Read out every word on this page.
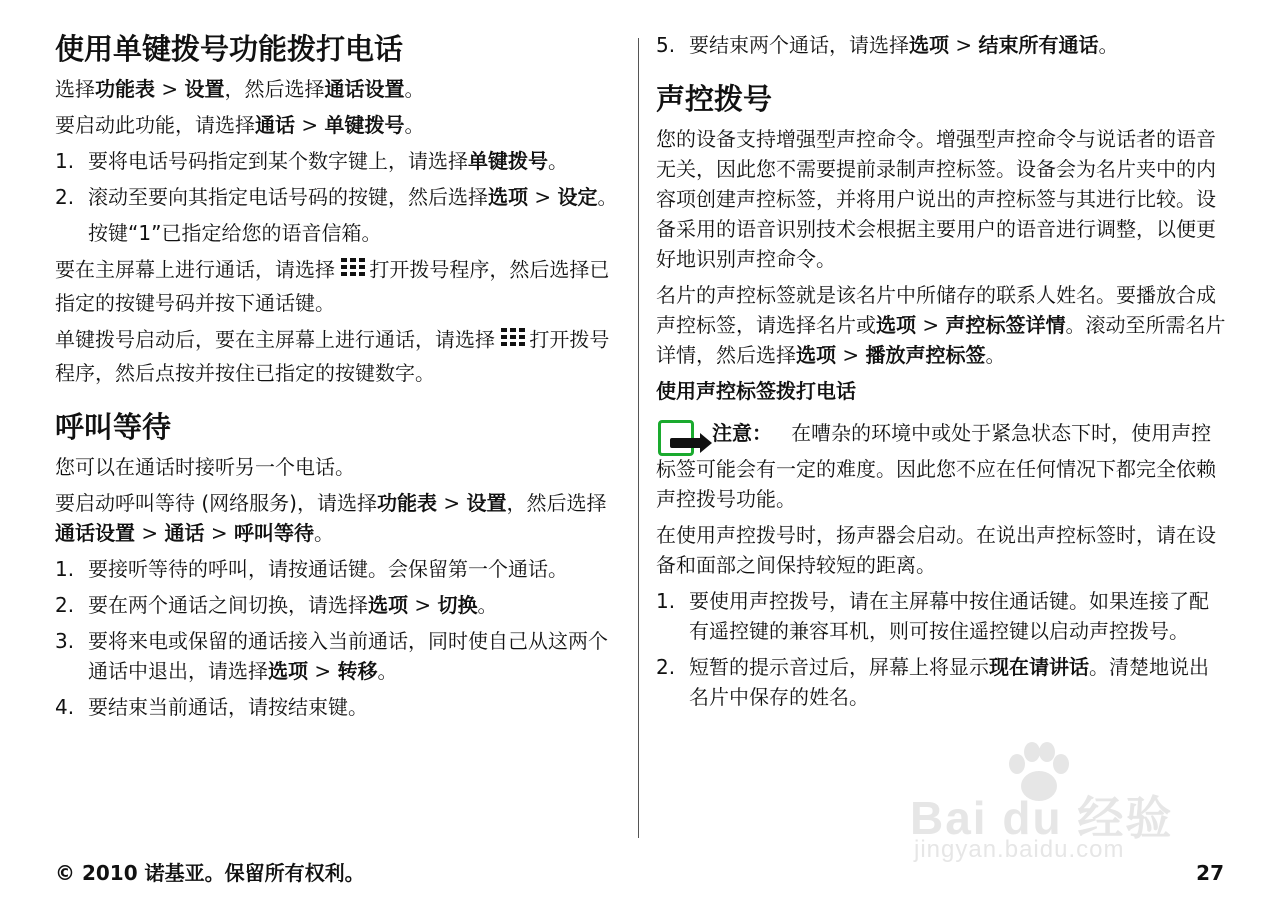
使用单键拨号功能拨打电话

选择功能表 > 设置，然后选择通话设置。

要启动此功能，请选择通话 > 单键拨号。

1. 要将电话号码指定到某个数字键上，请选择单键拨号。
2. 滚动至要向其指定电话号码的按键，然后选择选项 > 设定。

按键“1”已指定给您的语音信箱。

要在主屏幕上进行通话，请选择 打开拨号程序，然后选择已指定的按键号码并按下通话键。

单键拨号启动后，要在主屏幕上进行通话，请选择 打开拨号程序，然后点按并按住已指定的按键数字。

呼叫等待

您可以在通话时接听另一个电话。

要启动呼叫等待 (网络服务)，请选择功能表 > 设置，然后选择通话设置 > 通话 > 呼叫等待。

1. 要接听等待的呼叫，请按通话键。会保留第一个通话。
2. 要在两个通话之间切换，请选择选项 > 切换。
3. 要将来电或保留的通话接入当前通话，同时使自己从这两个通话中退出，请选择选项 > 转移。
4. 要结束当前通话，请按结束键。
5. 要结束两个通话，请选择选项 > 结束所有通话。
声控拨号

您的设备支持增强型声控命令。增强型声控命令与说话者的语音无关，因此您不需要提前录制声控标签。设备会为名片夹中的内容项创建声控标签，并将用户说出的声控标签与其进行比较。设备采用的语音识别技术会根据主要用户的语音进行调整，以便更好地识别声控命令。

名片的声控标签就是该名片中所储存的联系人姓名。要播放合成声控标签，请选择名片或选项 > 声控标签详情。滚动至所需名片详情，然后选择选项 > 播放声控标签。

使用声控标签拨打电话

注意： 在嘈杂的环境中或处于紧急状态下时，使用声控标签可能会有一定的难度。因此您不应在任何情况下都完全依赖声控拨号功能。

在使用声控拨号时，扬声器会启动。在说出声控标签时，请在设备和面部之间保持较短的距离。

1. 要使用声控拨号，请在主屏幕中按住通话键。如果连接了配有遥控键的兼容耳机，则可按住遥控键以启动声控拨号。
2. 短暂的提示音过后，屏幕上将显示现在请讲话。清楚地说出名片中保存的姓名。
Bai du 经验
jingyan.baidu.com
© 2010 诺基亚。保留所有权利。	27
